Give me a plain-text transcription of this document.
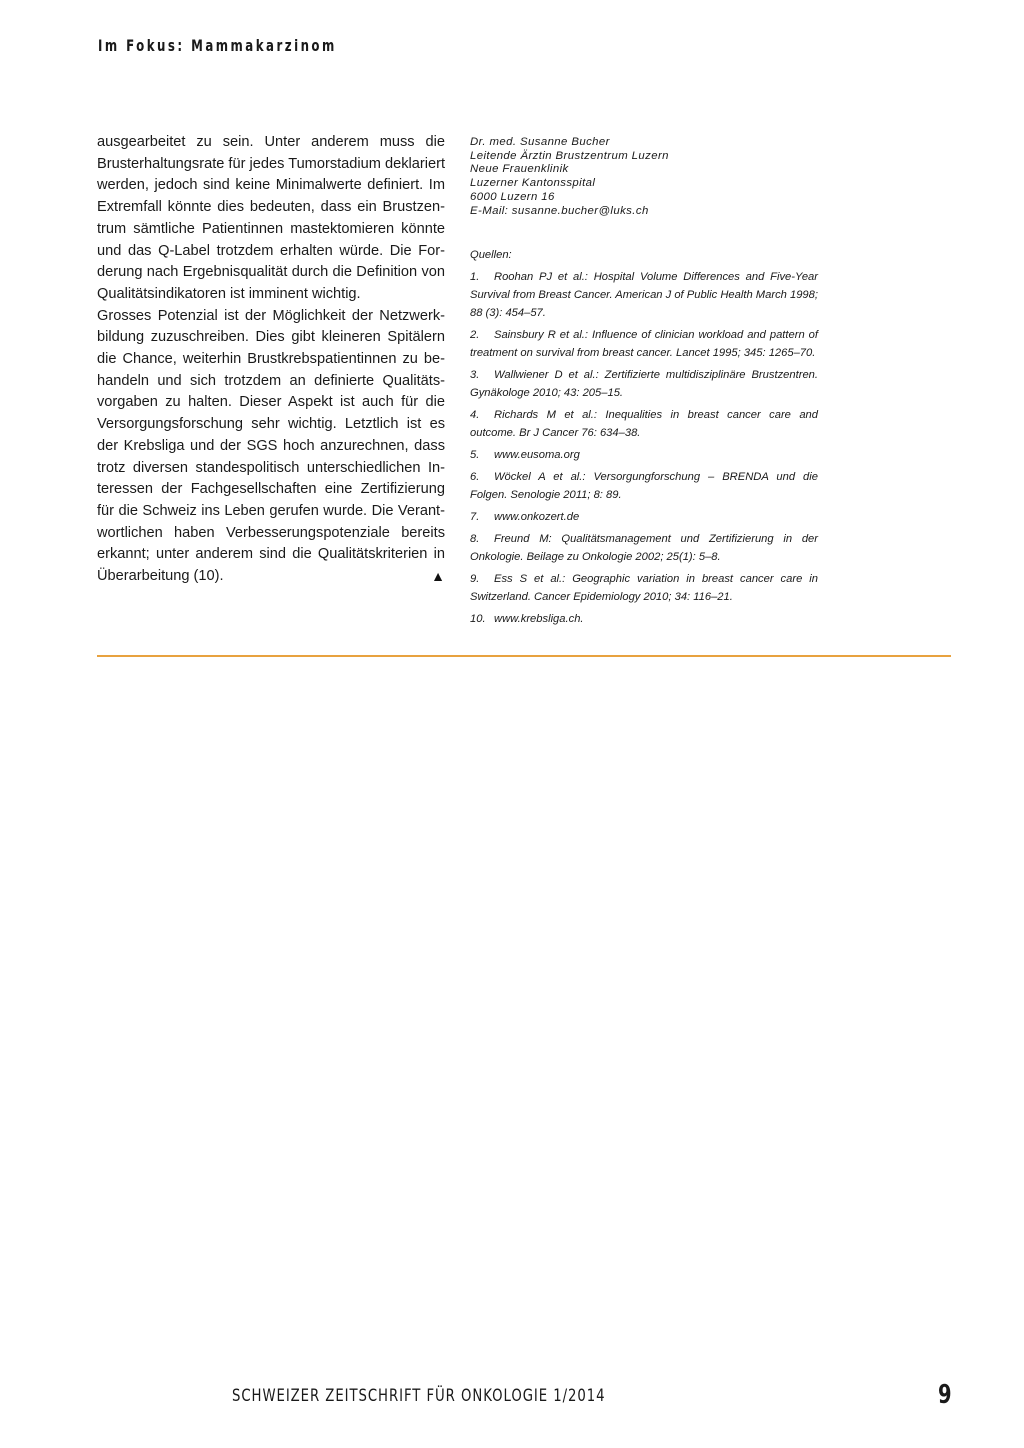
Im Fokus: Mammakarzinom

ausgearbeitet zu sein. Unter anderem muss die Brusterhaltungsrate für jedes Tumorstadium deklariert werden, jedoch sind keine Minimalwerte definiert. Im Extremfall könnte dies bedeuten, dass ein Brustzentrum sämtliche Patientinnen mastektomieren könnte und das Q-Label trotzdem erhalten würde. Die Forderung nach Ergebnisqualität durch die Definition von Qualitätsindikatoren ist imminent wichtig.

Grosses Potenzial ist der Möglichkeit der Netzwerkbildung zuzuschreiben. Dies gibt kleineren Spitälern die Chance, weiterhin Brustkrebspatientinnen zu behandeln und sich trotzdem an definierte Qualitätsvorgaben zu halten. Dieser Aspekt ist auch für die Versorgungsforschung sehr wichtig. Letztlich ist es der Krebsliga und der SGS hoch anzurechnen, dass trotz diversen standespolitisch unterschiedlichen Interessen der Fachgesellschaften eine Zertifizierung für die Schweiz ins Leben gerufen wurde. Die Verantwortlichen haben Verbesserungspotenziale bereits erkannt; unter anderem sind die Qualitätskriterien in Überarbeitung (10).	▲

Dr. med. Susanne Bucher
Leitende Ärztin Brustzentrum Luzern
Neue Frauenklinik
Luzerner Kantonsspital
6000 Luzern 16
E-Mail: susanne.bucher@luks.ch
Quellen:
1. Roohan PJ et al.: Hospital Volume Differences and Five-Year Survival from Breast Cancer. American J of Public Health March 1998; 88 (3): 454–57.
2. Sainsbury R et al.: Influence of clinician workload and pattern of treatment on survival from breast cancer. Lancet 1995; 345: 1265–70.
3. Wallwiener D et al.: Zertifizierte multidisziplinäre Brustzentren. Gynäkologe 2010; 43: 205–15.
4. Richards M et al.: Inequalities in breast cancer care and outcome. Br J Cancer 76: 634–38.
5. www.eusoma.org
6. Wöckel A et al.: Versorgungforschung – BRENDA und die Folgen. Senologie 2011; 8: 89.
7. www.onkozert.de
8. Freund M: Qualitätsmanagement und Zertifizierung in der Onkologie. Beilage zu Onkologie 2002; 25(1): 5–8.
9. Ess S et al.: Geographic variation in breast cancer care in Switzerland. Cancer Epidemiology 2010; 34: 116–21.
10. www.krebsliga.ch.
SCHWEIZER ZEITSCHRIFT FÜR ONKOLOGIE 1/2014	9
